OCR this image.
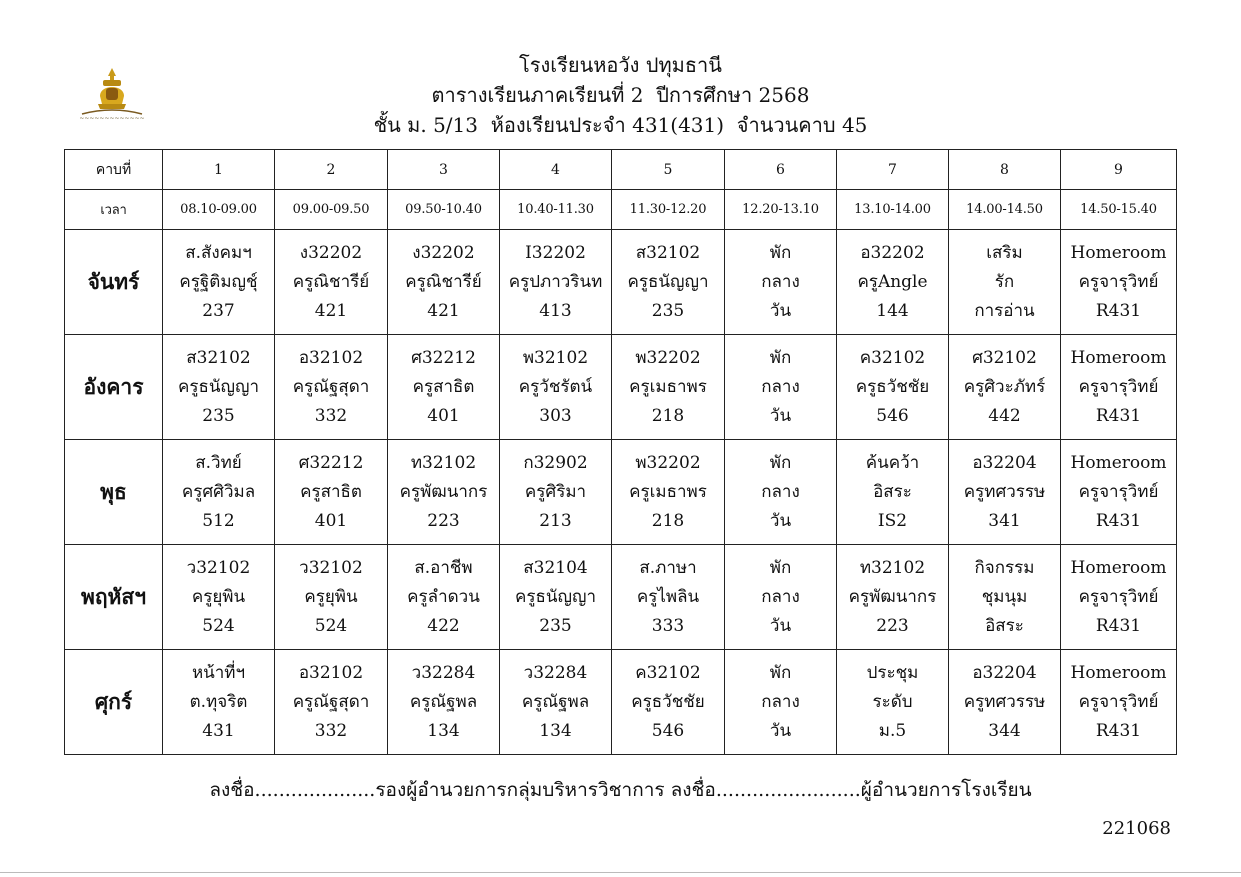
~~~~~~~~~~~~~
โรงเรียนหอวัง ปทุมธานี
ตารางเรียนภาคเรียนที่ 2  ปีการศึกษา 2568
ชั้น ม. 5/13  ห้องเรียนประจำ 431(431)  จำนวนคาบ 45
คาบที่	1	2	3	4	5	6	7	8	9
เวลา	08.10-09.00	09.00-09.50	09.50-10.40	10.40-11.30	11.30-12.20	12.20-13.10	13.10-14.00	14.00-14.50	14.50-15.40
จันทร์	ส.สังคมฯ
ครูฐิติมญชุ์
237	ง32202
ครูณิชารีย์
421	ง32202
ครูณิชารีย์
421	I32202
ครูปภาวรินท
413	ส32102
ครูธนัญญา
235	พัก
กลาง
วัน	อ32202
ครูAngle
144	เสริม
รัก
การอ่าน	Homeroom
ครูจารุวิทย์
R431

อังคาร	ส32102
ครูธนัญญา
235	อ32102
ครูณัฐสุดา
332	ศ32212
ครูสาธิต
401	พ32102
ครูวัชรัตน์
303	พ32202
ครูเมธาพร
218	พัก
กลาง
วัน	ค32102
ครูธวัชชัย
546	ศ32102
ครูศิวะภัทร์
442	Homeroom
ครูจารุวิทย์
R431

พุธ	ส.วิทย์
ครูศศิวิมล
512	ศ32212
ครูสาธิต
401	ท32102
ครูพัฒนากร
223	ก32902
ครูศิริมา
213	พ32202
ครูเมธาพร
218	พัก
กลาง
วัน	ค้นคว้า
อิสระ
IS2	อ32204
ครูทศวรรษ
341	Homeroom
ครูจารุวิทย์
R431

พฤหัสฯ	ว32102
ครูยุพิน
524	ว32102
ครูยุพิน
524	ส.อาชีพ
ครูลำดวน
422	ส32104
ครูธนัญญา
235	ส.ภาษา
ครูไพลิน
333	พัก
กลาง
วัน	ท32102
ครูพัฒนากร
223	กิจกรรม
ชุมนุม
อิสระ	Homeroom
ครูจารุวิทย์
R431

ศุกร์	หน้าที่ฯ
ต.ทุจริต
431	อ32102
ครูณัฐสุดา
332	ว32284
ครูณัฐพล
134	ว32284
ครูณัฐพล
134	ค32102
ครูธวัชชัย
546	พัก
กลาง
วัน	ประชุม
ระดับ
ม.5	อ32204
ครูทศวรรษ
344	Homeroom
ครูจารุวิทย์
R431
ลงชื่อ....................รองผู้อำนวยการกลุ่มบริหารวิชาการ ลงชื่อ........................ผู้อำนวยการโรงเรียน
221068
